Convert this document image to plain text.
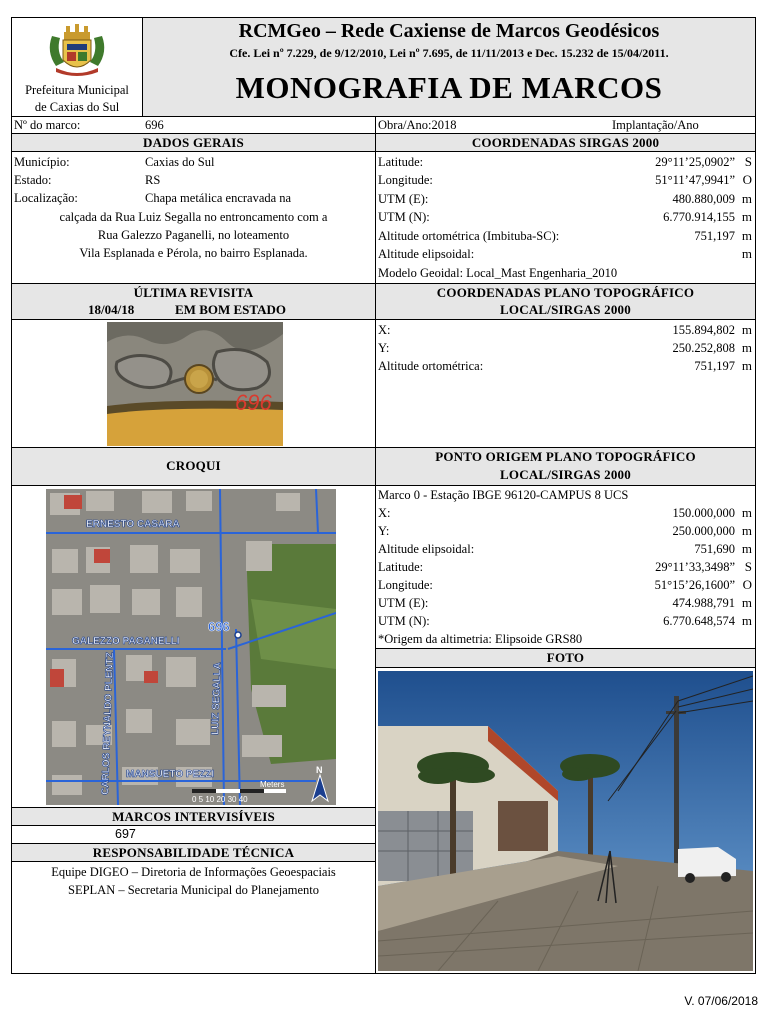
Prefeitura Municipal
de Caxias do Sul
RCMGeo – Rede Caxiense de Marcos Geodésicos
Cfe. Lei nº 7.229, de 9/12/2010, Lei nº 7.695, de 11/11/2013 e Dec. 15.232 de 15/04/2011.
MONOGRAFIA DE MARCOS
Nº do marco:	696	Obra/Ano:2018	Implantação/Ano
DADOS GERAIS
Município:	Caxias do Sul
Estado:	RS
Localização:	Chapa metálica encravada na
calçada da Rua Luiz Segalla no entroncamento com a
Rua Galezzo Paganelli, no loteamento
Vila Esplanada e Pérola, no bairro Esplanada.
COORDENADAS SIRGAS 2000
Latitude:	29°11’25,0902” S
Longitude:	51°11’47,9941” O
UTM (E):	480.880,009 m
UTM (N):	6.770.914,155 m
Altitude ortométrica (Imbituba-SC):	751,197 m
Altitude elipsoidal:	m
Modelo Geoidal: Local_Mast Engenharia_2010
ÚLTIMA REVISITA
18/04/18	EM BOM ESTADO
696
COORDENADAS PLANO TOPOGRÁFICO
LOCAL/SIRGAS 2000
X:	155.894,802 m
Y:	250.252,808 m
Altitude ortométrica:	751,197 m
CROQUI
ERNESTO CASARA
GALEZZO PAGANELLI
LUIZ SEGALLA
CARLOS REYNALDO PLENTZ MANSUETO PEZZI
696
0 5 10 20 30 40
Meters
N
PONTO ORIGEM PLANO TOPOGRÁFICO
LOCAL/SIRGAS 2000
Marco 0 - Estação IBGE 96120-CAMPUS 8 UCS
X:	150.000,000 m
Y:	250.000,000 m
Altitude elipsoidal:	751,690 m
Latitude:	29°11’33,3498” S
Longitude:	51°15’26,1600” O
UTM (E):	474.988,791 m
UTM (N):	6.770.648,574 m
*Origem da altimetria: Elipsoide GRS80
FOTO
MARCOS INTERVISÍVEIS
697
RESPONSABILIDADE TÉCNICA
Equipe DIGEO – Diretoria de Informações Geoespaciais
SEPLAN – Secretaria Municipal do Planejamento
V. 07/06/2018
